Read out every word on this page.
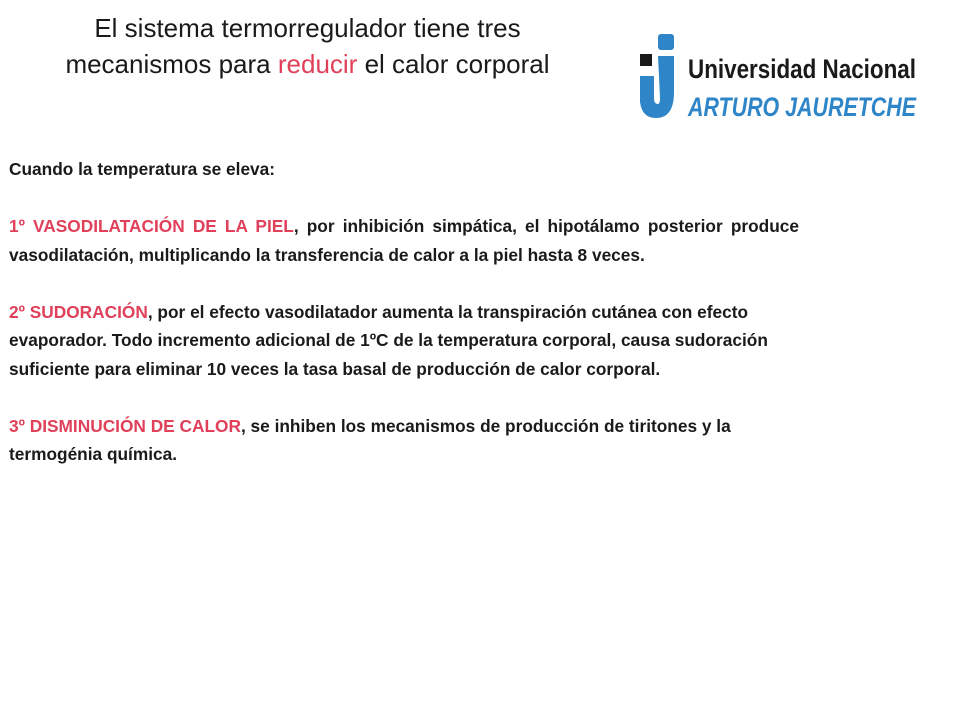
El sistema termorregulador tiene tres mecanismos para reducir el calor corporal	Universidad Nacional
ARTURO JAURETCHE

Cuando la temperatura se eleva:

1º VASODILATACIÓN DE LA PIEL, por inhibición simpática, el hipotálamo posterior produce vasodilatación, multiplicando la transferencia de calor a la piel hasta 8 veces.

2º SUDORACIÓN, por el efecto vasodilatador aumenta la transpiración cutánea con efecto evaporador. Todo incremento adicional de 1ºC de la temperatura corporal, causa sudoración suficiente para eliminar 10 veces la tasa basal de producción de calor corporal.

3º DISMINUCIÓN DE CALOR, se inhiben los mecanismos de producción de tiritones y la termogénia química.
